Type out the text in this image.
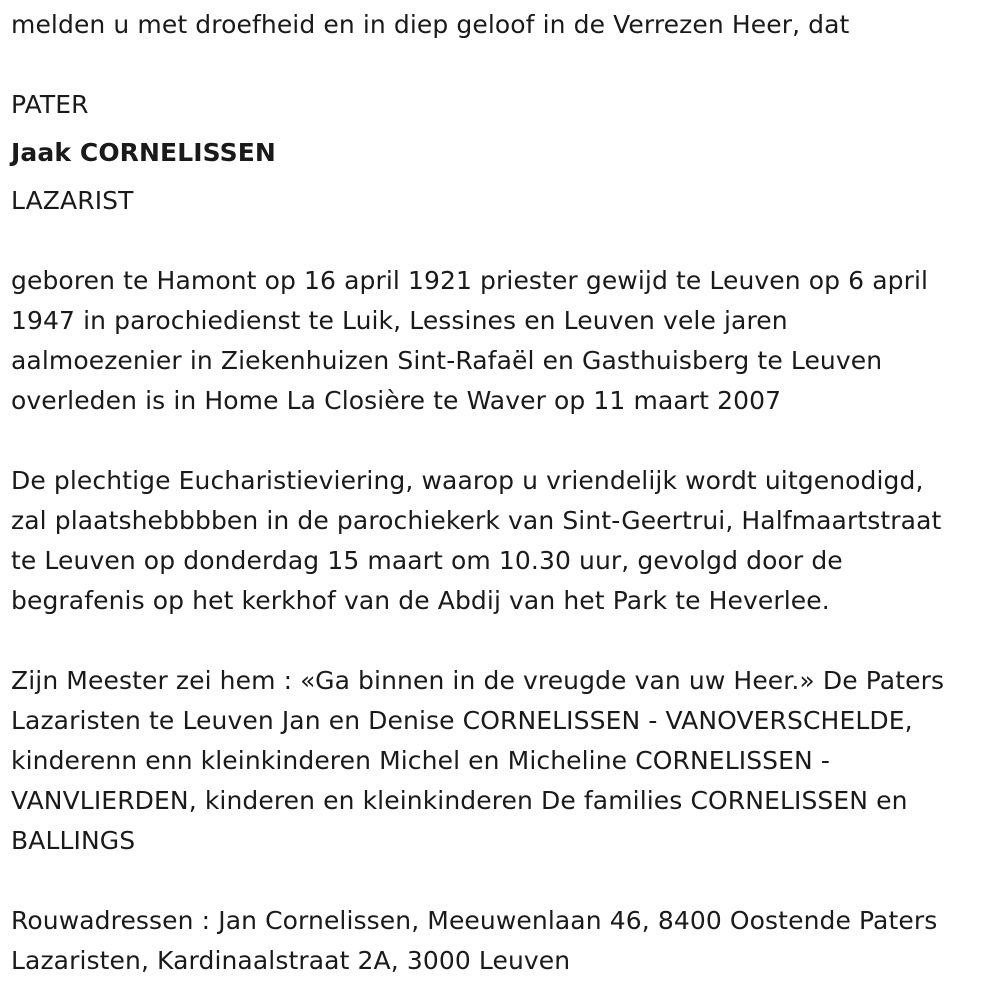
melden u met droefheid en in diep geloof in de Verrezen Heer, dat
PATER
Jaak CORNELISSEN
LAZARIST
geboren te Hamont op 16 april 1921 priester gewijd te Leuven op 6 april
1947 in parochiedienst te Luik, Lessines en Leuven vele jaren
aalmoezenier in Ziekenhuizen Sint-Rafaël en Gasthuisberg te Leuven
overleden is in Home La Closière te Waver op 11 maart 2007
De plechtige Eucharistieviering, waarop u vriendelijk wordt uitgenodigd,
zal plaatshebbbben in de parochiekerk van Sint-Geertrui, Halfmaartstraat
te Leuven op donderdag 15 maart om 10.30 uur, gevolgd door de
begrafenis op het kerkhof van de Abdij van het Park te Heverlee.
Zijn Meester zei hem : «Ga binnen in de vreugde van uw Heer.» De Paters
Lazaristen te Leuven Jan en Denise CORNELISSEN - VANOVERSCHELDE,
kinderenn enn kleinkinderen Michel en Micheline CORNELISSEN -
VANVLIERDEN, kinderen en kleinkinderen De families CORNELISSEN en
BALLINGS
Rouwadressen : Jan Cornelissen, Meeuwenlaan 46, 8400 Oostende Paters
Lazaristen, Kardinaalstraat 2A, 3000 Leuven
